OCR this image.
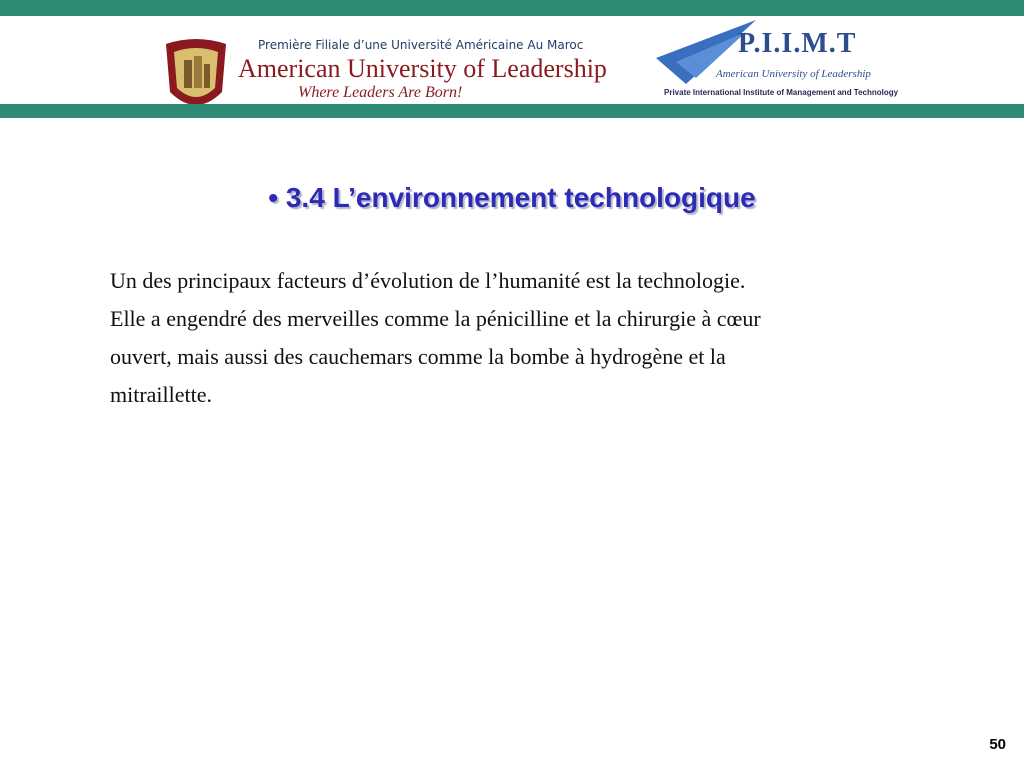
Première Filiale d’une Université Américaine Au Maroc
American University of Leadership
Where Leaders Are Born!
P.I.I.M.T
American University of Leadership
Private International Institute of Management and Technology
• 3.4 L’environnement technologique
Un des principaux facteurs d’évolution de l’humanité est la technologie.
Elle a engendré des merveilles comme la pénicilline et la chirurgie à cœur
ouvert, mais aussi des cauchemars comme la bombe à hydrogène et la
mitraillette.
50
